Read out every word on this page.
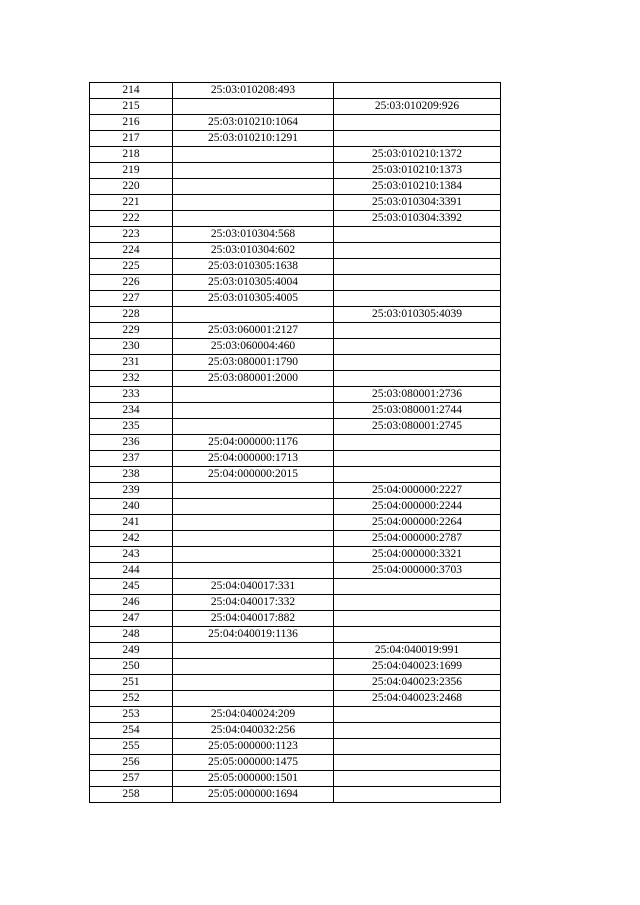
214	25:03:010208:493	
215		25:03:010209:926
216	25:03:010210:1064	
217	25:03:010210:1291	
218		25:03:010210:1372
219		25:03:010210:1373
220		25:03:010210:1384
221		25:03:010304:3391
222		25:03:010304:3392
223	25:03:010304:568	
224	25:03:010304:602	
225	25:03:010305:1638	
226	25:03:010305:4004	
227	25:03:010305:4005	
228		25:03:010305:4039
229	25:03:060001:2127	
230	25:03:060004:460	
231	25:03:080001:1790	
232	25:03:080001:2000	
233		25:03:080001:2736
234		25:03:080001:2744
235		25:03:080001:2745
236	25:04:000000:1176	
237	25:04:000000:1713	
238	25:04:000000:2015	
239		25:04:000000:2227
240		25:04:000000:2244
241		25:04:000000:2264
242		25:04:000000:2787
243		25:04:000000:3321
244		25:04:000000:3703
245	25:04:040017:331	
246	25:04:040017:332	
247	25:04:040017:882	
248	25:04:040019:1136	
249		25:04:040019:991
250		25:04:040023:1699
251		25:04:040023:2356
252		25:04:040023:2468
253	25:04:040024:209	
254	25:04:040032:256	
255	25:05:000000:1123	
256	25:05:000000:1475	
257	25:05:000000:1501	
258	25:05:000000:1694	
